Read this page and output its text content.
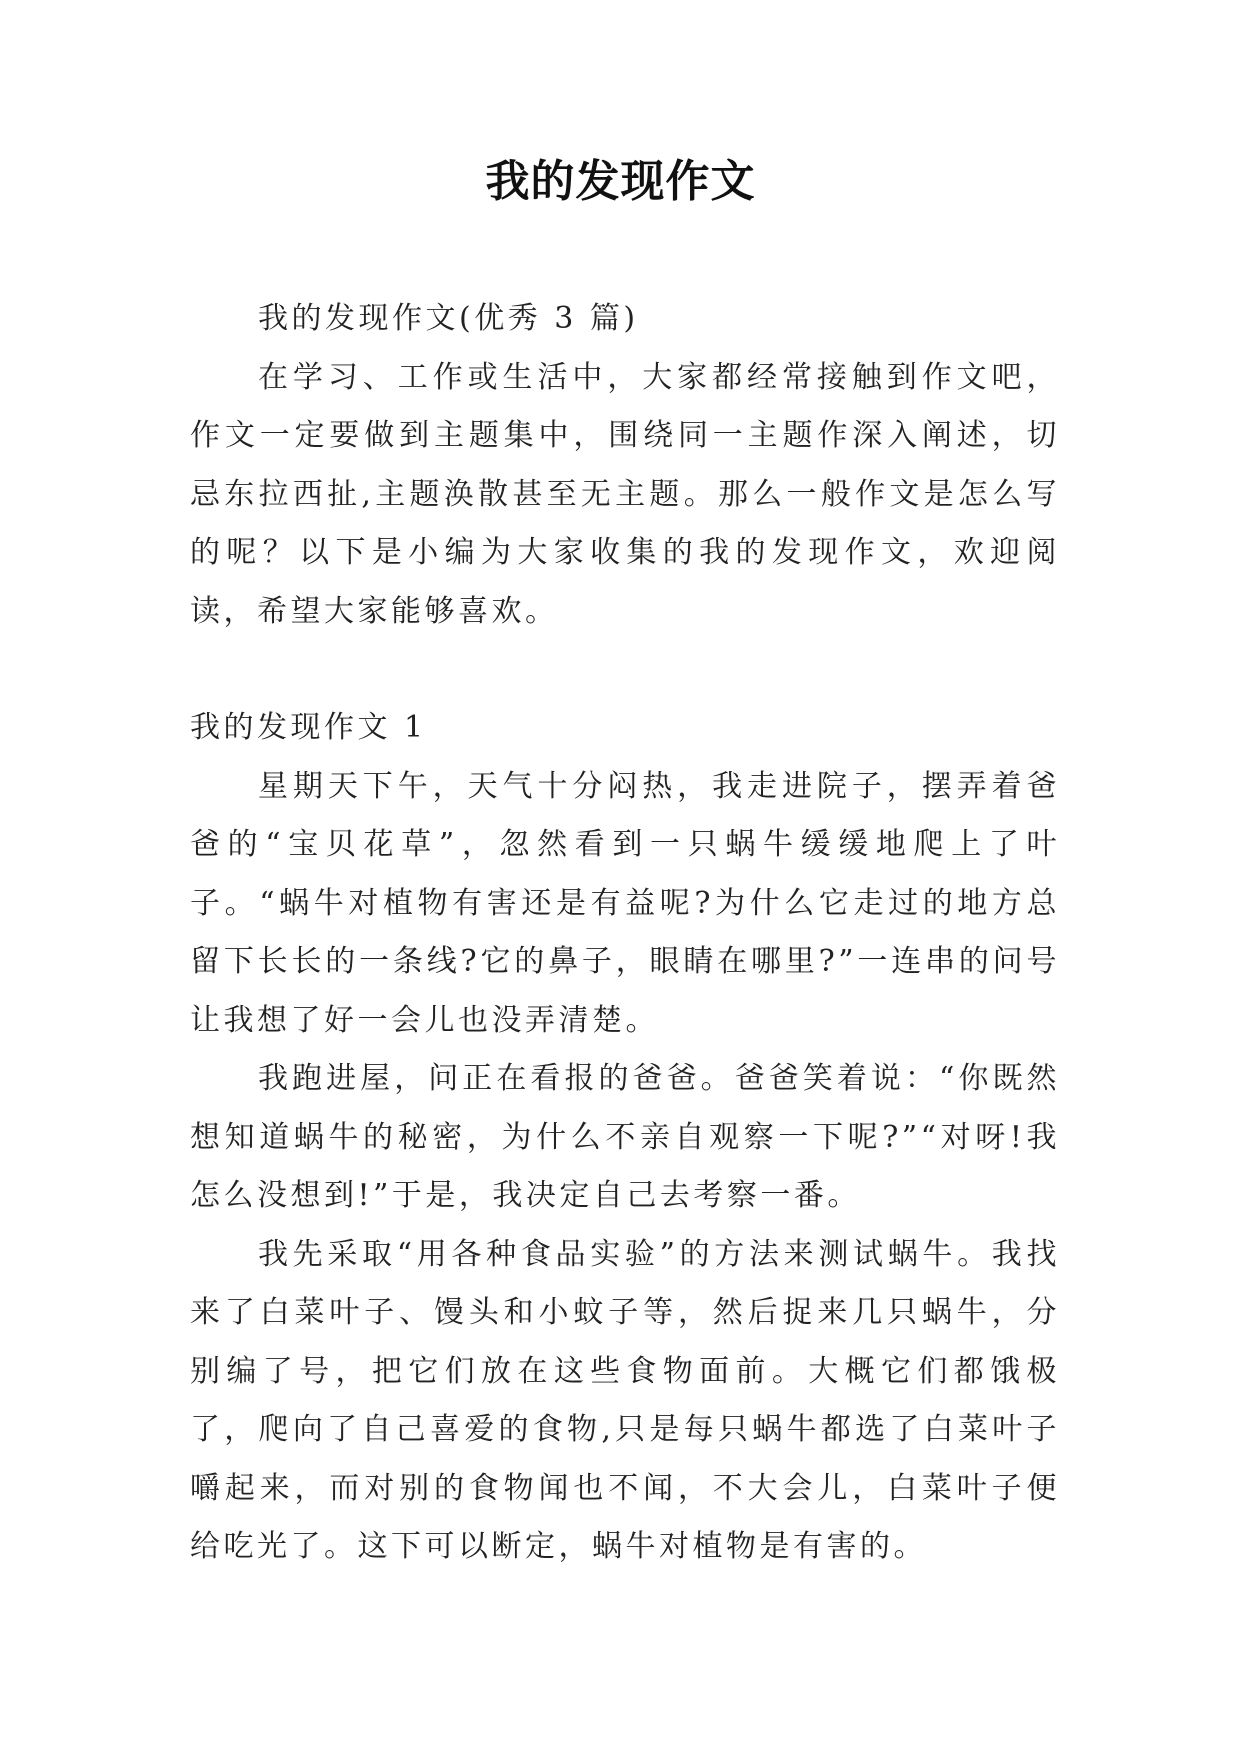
我的发现作文

我的发现作文(优秀 3 篇)

在学习、工作或生活中，大家都经常接触到作文吧，作文一定要做到主题集中，围绕同一主题作深入阐述，切忌东拉西扯,主题涣散甚至无主题。那么一般作文是怎么写的呢？以下是小编为大家收集的我的发现作文，欢迎阅读，希望大家能够喜欢。

我的发现作文 1

星期天下午，天气十分闷热，我走进院子，摆弄着爸爸的“宝贝花草”，忽然看到一只蜗牛缓缓地爬上了叶子。“蜗牛对植物有害还是有益呢?为什么它走过的地方总留下长长的一条线?它的鼻子，眼睛在哪里?”一连串的问号让我想了好一会儿也没弄清楚。

我跑进屋，问正在看报的爸爸。爸爸笑着说：“你既然想知道蜗牛的秘密，为什么不亲自观察一下呢?”“对呀!我怎么没想到!”于是，我决定自己去考察一番。

我先采取“用各种食品实验”的方法来测试蜗牛。我找来了白菜叶子、馒头和小蚊子等，然后捉来几只蜗牛，分别编了号，把它们放在这些食物面前。大概它们都饿极了，爬向了自己喜爱的食物,只是每只蜗牛都选了白菜叶子嚼起来，而对别的食物闻也不闻，不大会儿，白菜叶子便给吃光了。这下可以断定，蜗牛对植物是有害的。
